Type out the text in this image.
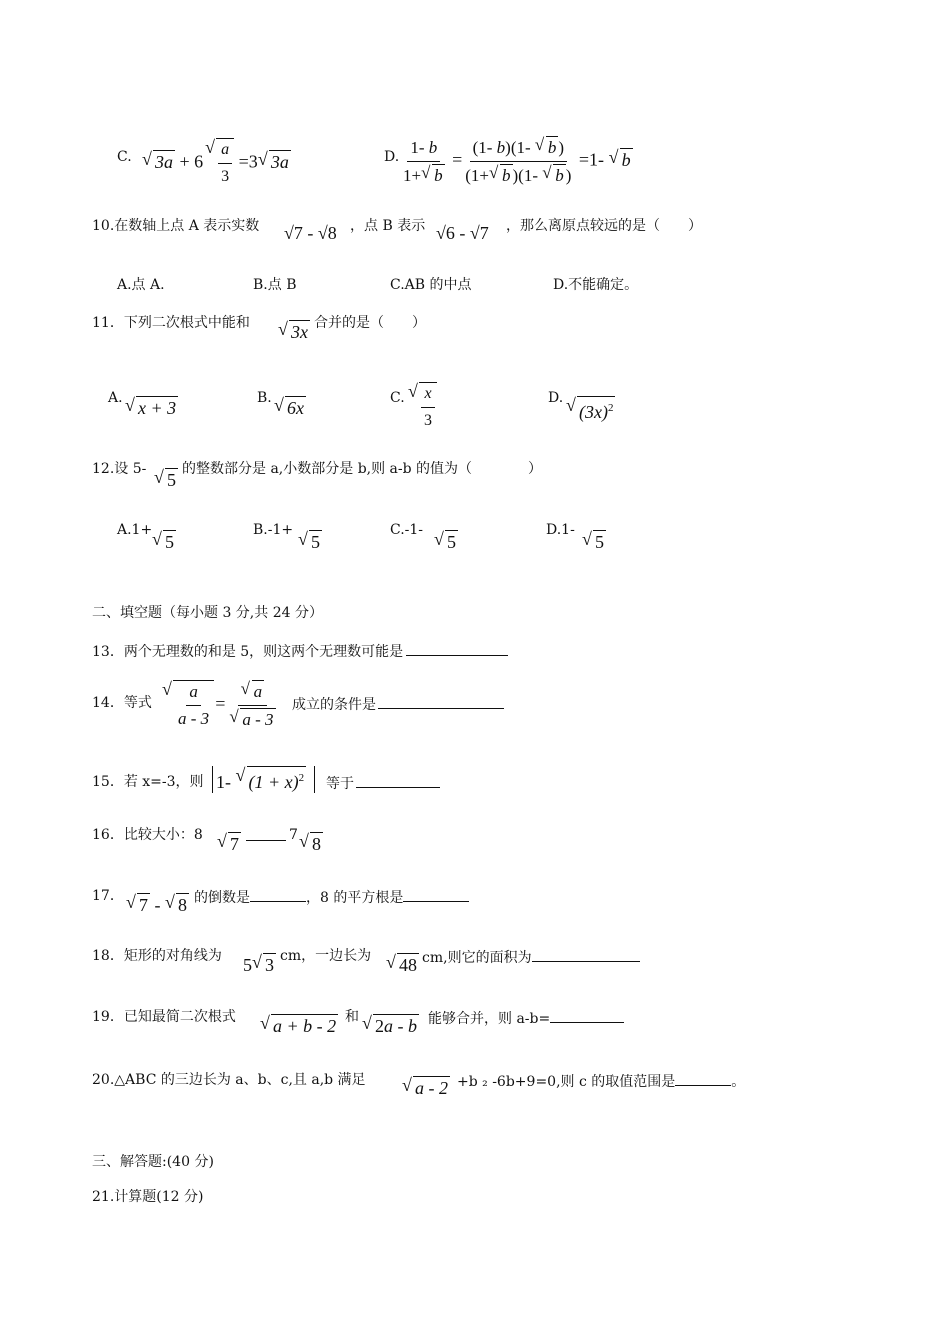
C.
√	3a + 6
√ $\frac{a}{3} =3√$ 3a	D. $\frac{1- b}{1+√ b} = \frac{(1- b)(1- √ b )}{(1+√ b )(1- √ b )} =1-$ √ b
10.在数轴上点 A 表示实数 √7 - √8 ，点 B 表示 √6 - √7 ，那么离原点较远的是（　　）
A.点 A.	B.点 B	C.AB 的中点	D.不能确定。
11．下列二次根式中能和
√	3x 合并的是（　　）
A.
√ x + 3	B.
√ 6x	C.
√ $\frac{x}{3}$	D.
√ $(3x)^2$
12.设 5-
√ 5
的整数部分是 a,小数部分是 b,则 a-b 的值为（　　　　）
A.1+
√ 5
B.-1+
√ 5
C.-1-
√ 5
D.1-
√ 5
二、填空题（每小题 3 分,共 24 分）
13．两个无理数的和是 5，则这两个无理数可能是
14．等式
√ $\frac{a}{a - 3}$ =
√ a
√ a - 3 成立的条件是
15．若 x=-3，则 1- √ $(1 + x)^2$	等于
16．比较大小：8
√	7	7
√ 8
17．
√ 7 - √ 8 的倒数是	，8 的平方根是
18．矩形的对角线为 5√ 3 cm，一边长为
√	48 cm,则它的面积为
19．已知最简二次根式
√	a + b - 2 和
√ 2a - b 能够合并，则 a-b=
20.△ABC 的三边长为 a、b、c,且 a,b 满足
√	a - 2 +b ₂ -6b+9=0,则 c 的取值范围是	。
三、解答题:(40 分)
21.计算题(12 分)
